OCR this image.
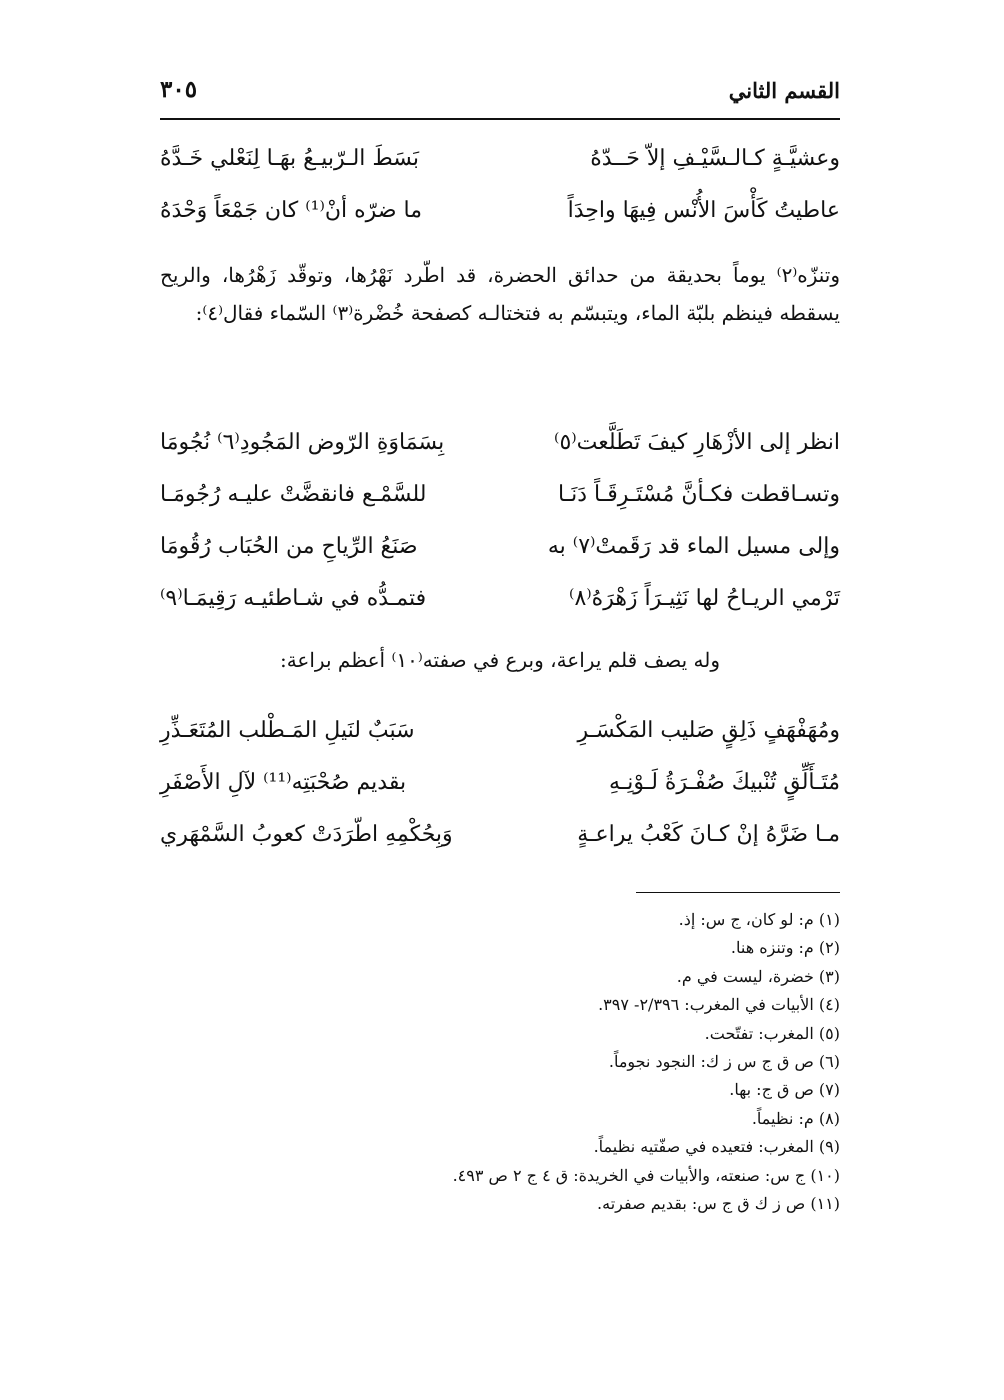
القسم الثاني
٣٠٥
وعشيَّـةٍ كـالـسَّيْـفِ إلاّ حَــدّهُ
بَسَطَ الـرّبيـعُ بهَـا لِنَعْلي خَـدَّهُ
عاطيتُ كَأْسَ الأُنْس فِيهَا واحِدَاً
ما ضرّه أنْ⁽¹⁾ كان جَمْعَاً وَحْدَهُ
وتنزّه⁽٢⁾ يوماً بحديقة من حدائق الحضرة، قد اطّرد نَهْرُها، وتوقّد زَهْرُها، والريح يسقطه فينظم بلبّة الماء، ويتبسّم به فتختالـه كصفحة خُضْرة⁽٣⁾ السّماء فقال⁽٤⁾:
انظر إلى الأزْهَارِ كيفَ تَطَلَّعت⁽٥⁾
بِسَمَاوَةِ الرّوض المَجُودِ⁽٦⁾ نُجُومَا
وتسـاقطت فكـأنَّ مُسْتَـرِقَـاً دَنَـا
للسَّمْـع فانقضَّتْ عليـه رُجُومَـا
وإلى مسيل الماء قد رَقَمتْ⁽٧⁾ به
صَنَعُ الرِّياحِ من الحُبَاب رُقُومَا
تَرْمي الريـاحُ لها نَثِيـرَاً زَهْرَهُ⁽٨⁾
فتمـدُّه في شـاطئيـه رَقِيمَـا⁽٩⁾
وله يصف قلم يراعة، وبرع في صفته⁽١٠⁾ أعظم براعة:
ومُهَفْهَفٍ ذَلِقٍ صَليب المَكْسَـرِ
سَبَبٌ لنَيلِ المَـطْلب المُتَعَـذِّرِ
مُتَـأَلِّقٍ تُنْبيكَ صُفْـرَةُ لَـوْنِـهِ
بقديم صُحْبَتِه⁽¹¹⁾ لآلِ الأَصْفَرِ
مـا ضَرَّهُ إنْ كـانَ كَعْبُ يراعـةٍ
وَبِحُكْمِهِ اطّرَدَتْ كعوبُ السَّمْهَري
(١) م: لو كان، ج س: إذ.
(٢) م: وتنزه هنا.
(٣) خضرة، ليست في م.
(٤) الأبيات في المغرب: ٢/٣٩٦- ٣٩٧.
(٥) المغرب: تفتّحت.
(٦) ص ق ج س ز ك: النجود نجوماً.
(٧) ص ق ج: بها.
(٨) م: نظيماً.
(٩) المغرب: فتعيده في صفّتيه نظيماً.
(١٠) ج س: صنعته، والأبيات في الخريدة: ق ٤ ج ٢ ص ٤٩٣.
(١١) ص ز ك ق ج س: بقديم صفرته.
